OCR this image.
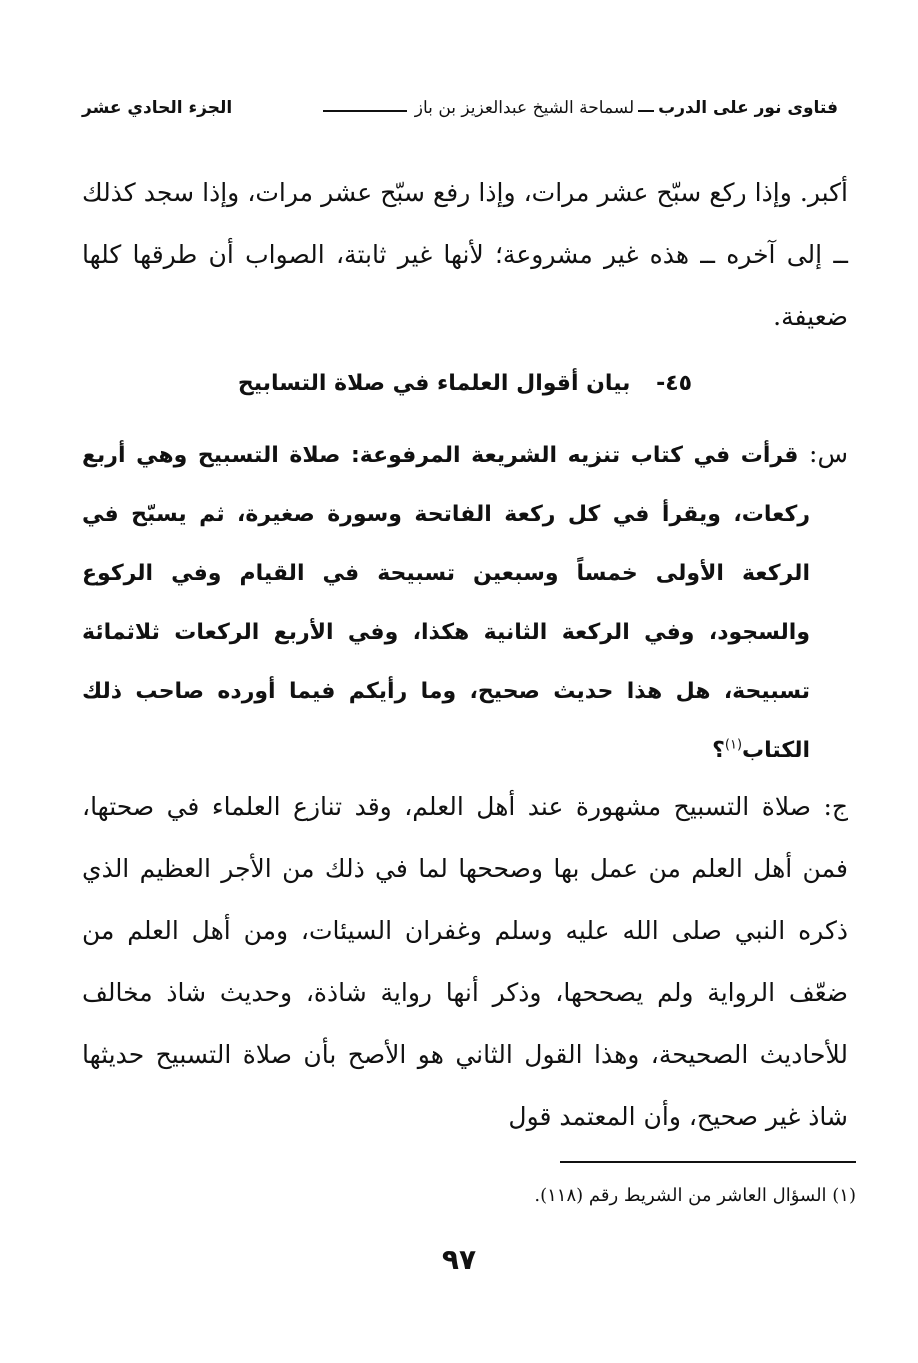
فتاوى نور على الدرب
لسماحة الشيخ عبدالعزيز بن باز
الجزء الحادي عشر

أكبر. وإذا ركع سبّح عشر مرات، وإذا رفع سبّح عشر مرات، وإذا سجد كذلك ــ إلى آخره ــ هذه غير مشروعة؛ لأنها غير ثابتة، الصواب أن طرقها كلها ضعيفة.

٤٥- بيان أقوال العلماء في صلاة التسابيح

س: قرأت في كتاب تنزيه الشريعة المرفوعة: صلاة التسبيح وهي أربع ركعات، ويقرأ في كل ركعة الفاتحة وسورة صغيرة، ثم يسبّح في الركعة الأولى خمساً وسبعين تسبيحة في القيام وفي الركوع والسجود، وفي الركعة الثانية هكذا، وفي الأربع الركعات ثلاثمائة تسبيحة، هل هذا حديث صحيح، وما رأيكم فيما أورده صاحب ذلك الكتاب$^{(١)}$؟

ج: صلاة التسبيح مشهورة عند أهل العلم، وقد تنازع العلماء في صحتها، فمن أهل العلم من عمل بها وصححها لما في ذلك من الأجر العظيم الذي ذكره النبي صلى الله عليه وسلم وغفران السيئات، ومن أهل العلم من ضعّف الرواية ولم يصححها، وذكر أنها رواية شاذة، وحديث شاذ مخالف للأحاديث الصحيحة، وهذا القول الثاني هو الأصح بأن صلاة التسبيح حديثها شاذ غير صحيح، وأن المعتمد قول

(١) السؤال العاشر من الشريط رقم (١١٨).
٩٧
